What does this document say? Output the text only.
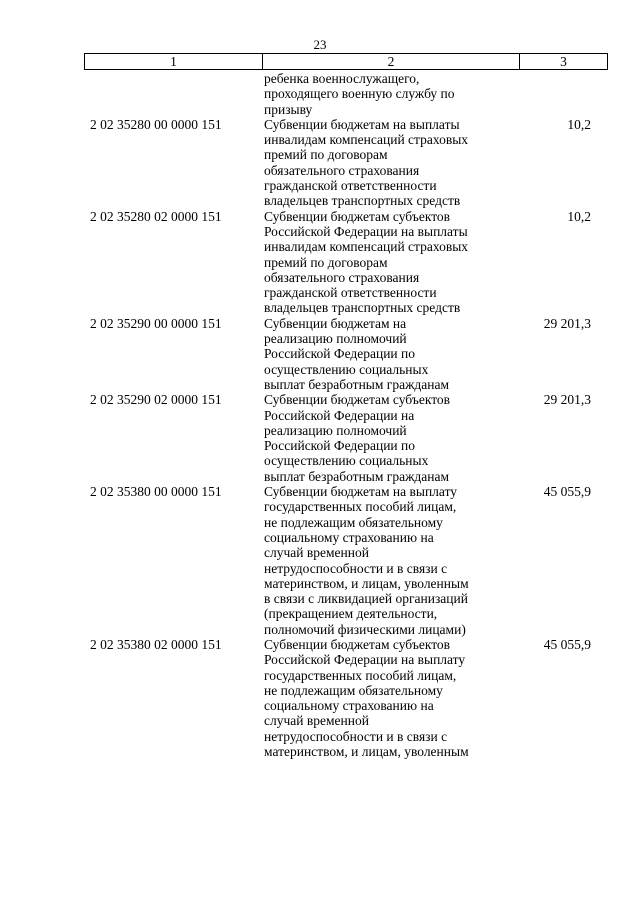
23
1	2	3
ребенка военнослужащего,
проходящего военную службу по
призыву
2 02 35280 00 0000 151	Субвенции бюджетам на выплаты
инвалидам компенсаций страховых
премий по договорам
обязательного страхования
гражданской ответственности
владельцев транспортных средств
10,2
2 02 35280 02 0000 151	Субвенции бюджетам субъектов
Российской Федерации на выплаты
инвалидам компенсаций страховых
премий по договорам
обязательного страхования
гражданской ответственности
владельцев транспортных средств
10,2
2 02 35290 00 0000 151	Субвенции бюджетам на
реализацию полномочий
Российской Федерации по
осуществлению социальных
выплат безработным гражданам
29 201,3
2 02 35290 02 0000 151	Субвенции бюджетам субъектов
Российской Федерации на
реализацию полномочий
Российской Федерации по
осуществлению социальных
выплат безработным гражданам
29 201,3
2 02 35380 00 0000 151	Субвенции бюджетам на выплату
государственных пособий лицам,
не подлежащим обязательному
социальному страхованию на
случай временной
нетрудоспособности и в связи с
материнством, и лицам, уволенным
в связи с ликвидацией организаций
(прекращением деятельности,
полномочий физическими лицами)
45 055,9
2 02 35380 02 0000 151	Субвенции бюджетам субъектов
Российской Федерации на выплату
государственных пособий лицам,
не подлежащим обязательному
социальному страхованию на
случай временной
нетрудоспособности и в связи с
материнством, и лицам, уволенным
45 055,9
